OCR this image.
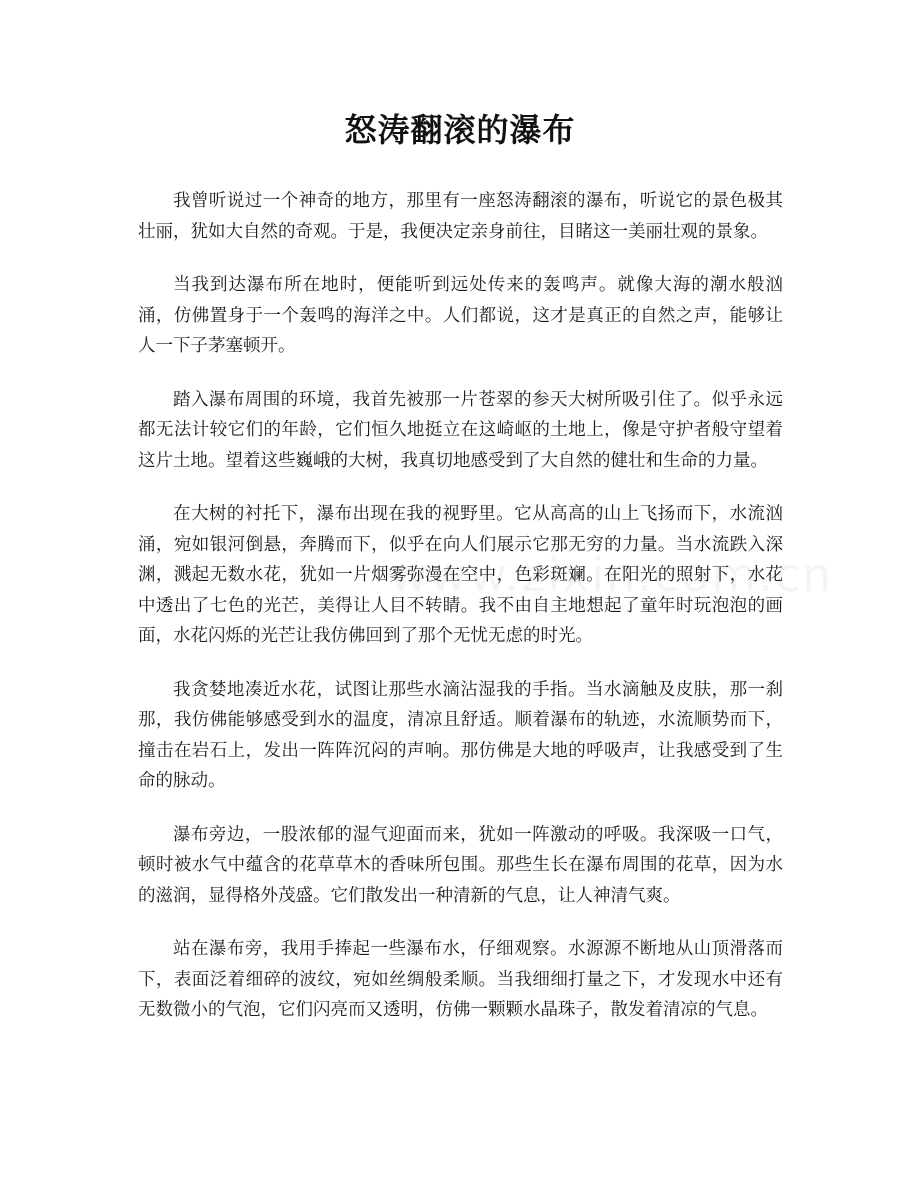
怒涛翻滚的瀑布

我曾听说过一个神奇的地方，那里有一座怒涛翻滚的瀑布，听说它的景色极其壮丽，犹如大自然的奇观。于是，我便决定亲身前往，目睹这一美丽壮观的景象。

当我到达瀑布所在地时，便能听到远处传来的轰鸣声。就像大海的潮水般汹涌，仿佛置身于一个轰鸣的海洋之中。人们都说，这才是真正的自然之声，能够让人一下子茅塞顿开。

踏入瀑布周围的环境，我首先被那一片苍翠的参天大树所吸引住了。似乎永远都无法计较它们的年龄，它们恒久地挺立在这崎岖的土地上，像是守护者般守望着这片土地。望着这些巍峨的大树，我真切地感受到了大自然的健壮和生命的力量。

在大树的衬托下，瀑布出现在我的视野里。它从高高的山上飞扬而下，水流汹涌，宛如银河倒悬，奔腾而下，似乎在向人们展示它那无穷的力量。当水流跌入深渊，溅起无数水花，犹如一片烟雾弥漫在空中，色彩斑斓。在阳光的照射下，水花中透出了七色的光芒，美得让人目不转睛。我不由自主地想起了童年时玩泡泡的画面，水花闪烁的光芒让我仿佛回到了那个无忧无虑的时光。

我贪婪地凑近水花，试图让那些水滴沾湿我的手指。当水滴触及皮肤，那一刹那，我仿佛能够感受到水的温度，清凉且舒适。顺着瀑布的轨迹，水流顺势而下，撞击在岩石上，发出一阵阵沉闷的声响。那仿佛是大地的呼吸声，让我感受到了生命的脉动。

瀑布旁边，一股浓郁的湿气迎面而来，犹如一阵激动的呼吸。我深吸一口气，顿时被水气中蕴含的花草草木的香味所包围。那些生长在瀑布周围的花草，因为水的滋润，显得格外茂盛。它们散发出一种清新的气息，让人神清气爽。

站在瀑布旁，我用手捧起一些瀑布水，仔细观察。水源源不断地从山顶滑落而下，表面泛着细碎的波纹，宛如丝绸般柔顺。当我细细打量之下，才发现水中还有无数微小的气泡，它们闪亮而又透明，仿佛一颗颗水晶珠子，散发着清凉的气息。
